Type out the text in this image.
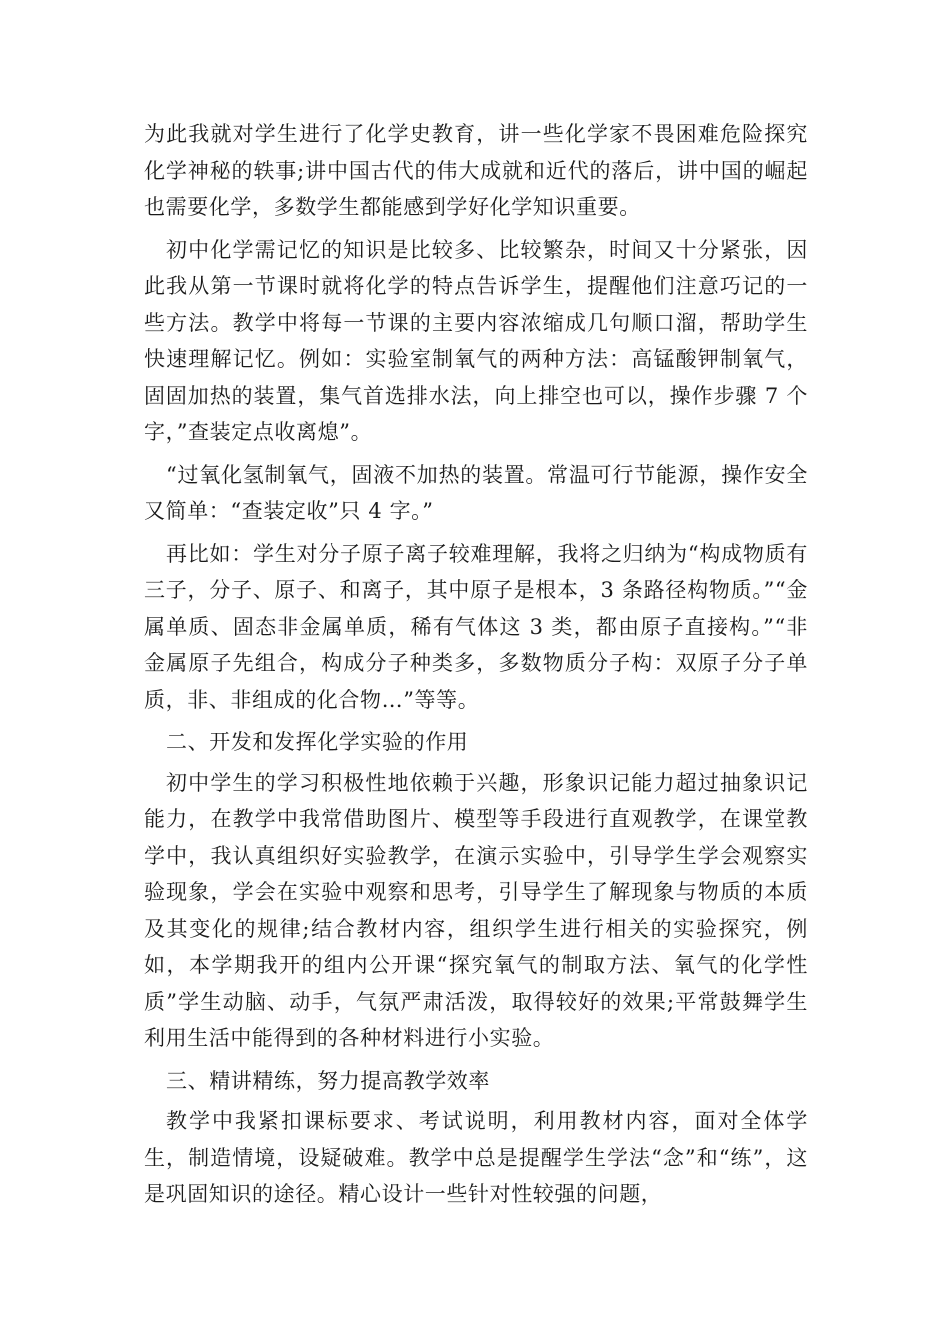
为此我就对学生进行了化学史教育，讲一些化学家不畏困难危险探究化学神秘的轶事;讲中国古代的伟大成就和近代的落后，讲中国的崛起也需要化学，多数学生都能感到学好化学知识重要。

初中化学需记忆的知识是比较多、比较繁杂，时间又十分紧张，因此我从第一节课时就将化学的特点告诉学生，提醒他们注意巧记的一些方法。教学中将每一节课的主要内容浓缩成几句顺口溜，帮助学生快速理解记忆。例如：实验室制氧气的两种方法：高锰酸钾制氧气，固固加热的装置，集气首选排水法，向上排空也可以，操作步骤 7 个字，”查装定点收离熄”。

“过氧化氢制氧气，固液不加热的装置。常温可行节能源，操作安全又简单：“查装定收”只 4 字。”

再比如：学生对分子原子离子较难理解，我将之归纳为“构成物质有三子，分子、原子、和离子，其中原子是根本，3 条路径构物质。”“金属单质、固态非金属单质，稀有气体这 3 类，都由原子直接构。”“非金属原子先组合，构成分子种类多，多数物质分子构：双原子分子单质，非、非组成的化合物…”等等。

二、开发和发挥化学实验的作用

初中学生的学习积极性地依赖于兴趣，形象识记能力超过抽象识记能力，在教学中我常借助图片、模型等手段进行直观教学，在课堂教学中，我认真组织好实验教学，在演示实验中，引导学生学会观察实验现象，学会在实验中观察和思考，引导学生了解现象与物质的本质及其变化的规律;结合教材内容，组织学生进行相关的实验探究，例如，本学期我开的组内公开课“探究氧气的制取方法、氧气的化学性质”学生动脑、动手，气氛严肃活泼，取得较好的效果;平常鼓舞学生利用生活中能得到的各种材料进行小实验。

三、精讲精练，努力提高教学效率

教学中我紧扣课标要求、考试说明，利用教材内容，面对全体学生，制造情境，设疑破难。教学中总是提醒学生学法“念”和“练”，这是巩固知识的途径。精心设计一些针对性较强的问题，
